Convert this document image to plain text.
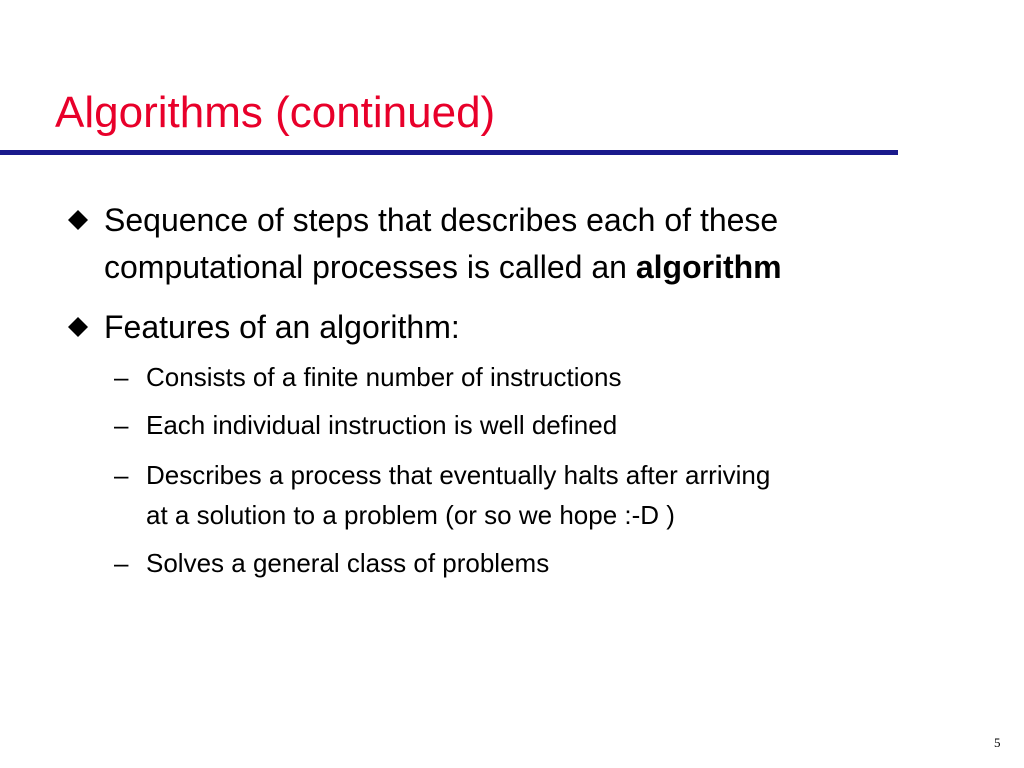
Algorithms (continued)
Sequence of steps that describes each of these
computational processes is called an algorithm
Features of an algorithm:
– Consists of a finite number of instructions
– Each individual instruction is well defined
– Describes a process that eventually halts after arriving
at a solution to a problem (or so we hope :-D )
– Solves a general class of problems
5
